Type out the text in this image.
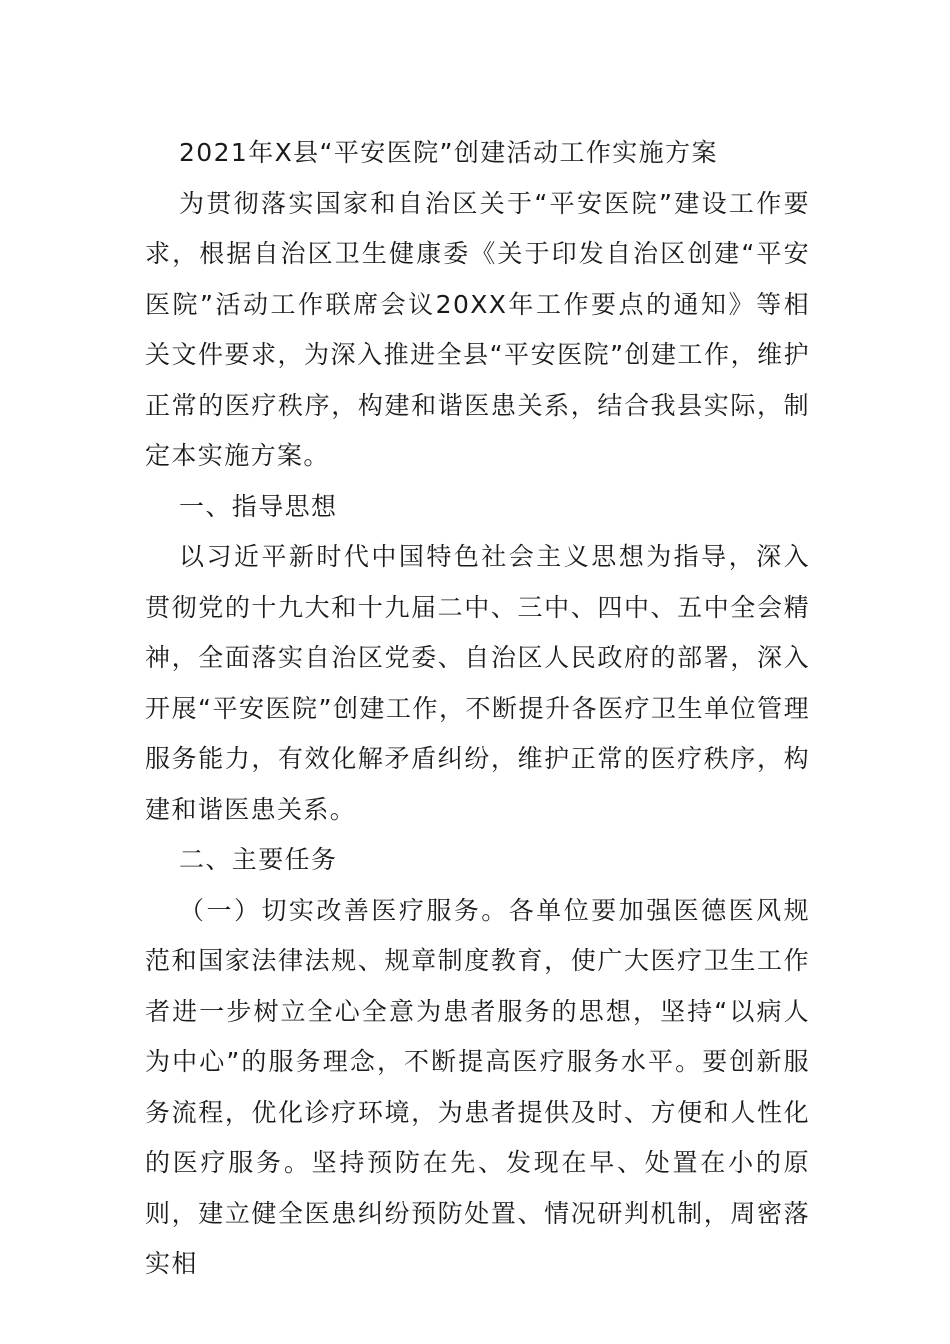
2021年X县“平安医院”创建活动工作实施方案

为贯彻落实国家和自治区关于“平安医院”建设工作要求，根据自治区卫生健康委《关于印发自治区创建“平安医院”活动工作联席会议20XX年工作要点的通知》等相关文件要求，为深入推进全县“平安医院”创建工作，维护正常的医疗秩序，构建和谐医患关系，结合我县实际，制定本实施方案。

一、指导思想

以习近平新时代中国特色社会主义思想为指导，深入贯彻党的十九大和十九届二中、三中、四中、五中全会精神，全面落实自治区党委、自治区人民政府的部署，深入开展“平安医院”创建工作，不断提升各医疗卫生单位管理服务能力，有效化解矛盾纠纷，维护正常的医疗秩序，构建和谐医患关系。

二、主要任务

（一）切实改善医疗服务。各单位要加强医德医风规范和国家法律法规、规章制度教育，使广大医疗卫生工作者进一步树立全心全意为患者服务的思想，坚持“以病人为中心”的服务理念，不断提高医疗服务水平。要创新服务流程，优化诊疗环境，为患者提供及时、方便和人性化的医疗服务。坚持预防在先、发现在早、处置在小的原则，建立健全医患纠纷预防处置、情况研判机制，周密落实相
